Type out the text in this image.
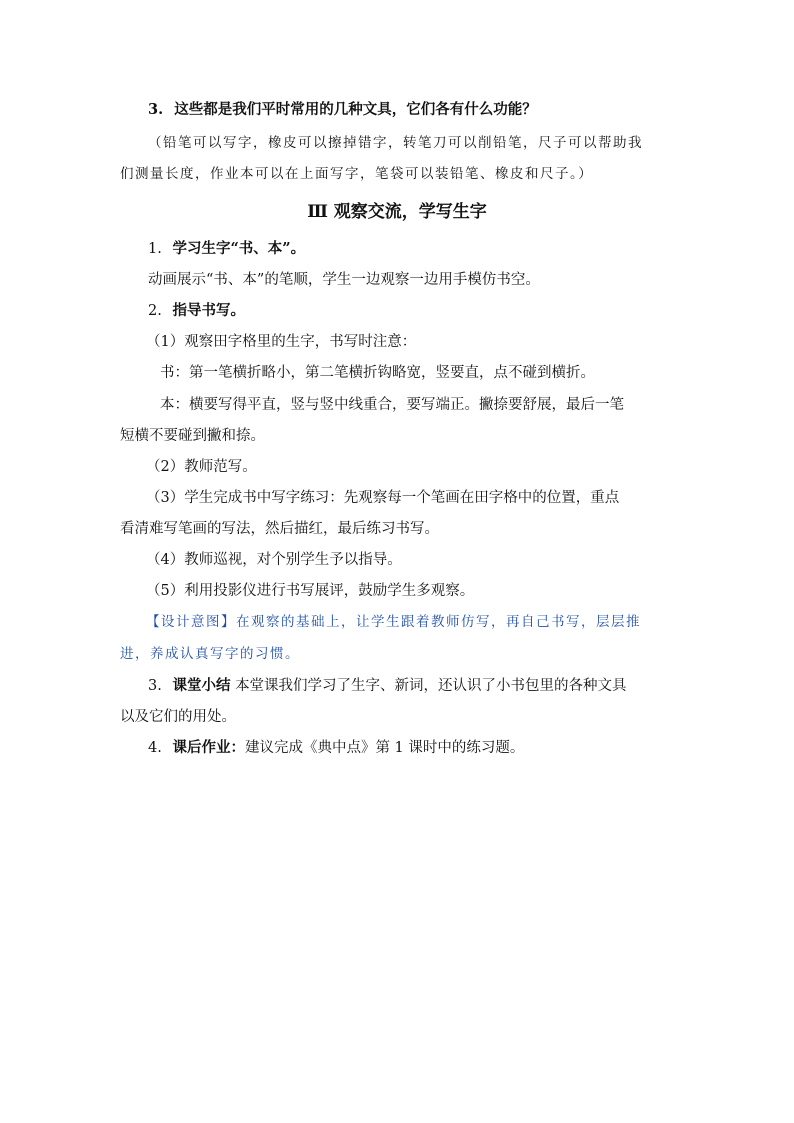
3. 这些都是我们平时常用的几种文具，它们各有什么功能？
（铅笔可以写字，橡皮可以擦掉错字，转笔刀可以削铅笔，尺子可以帮助我
们测量长度，作业本可以在上面写字，笔袋可以装铅笔、橡皮和尺子。）
Ⅲ 观察交流，学写生字
1. 学习生字“书、本”。
动画展示“书、本”的笔顺，学生一边观察一边用手模仿书空。
2. 指导书写。
（1）观察田字格里的生字，书写时注意：
书：第一笔横折略小，第二笔横折钩略宽，竖要直，点不碰到横折。
本：横要写得平直，竖与竖中线重合，要写端正。撇捺要舒展，最后一笔
短横不要碰到撇和捺。
（2）教师范写。
（3）学生完成书中写字练习：先观察每一个笔画在田字格中的位置，重点
看清难写笔画的写法，然后描红，最后练习书写。
（4）教师巡视，对个别学生予以指导。
（5）利用投影仪进行书写展评，鼓励学生多观察。
【设计意图】在观察的基础上，让学生跟着教师仿写，再自己书写，层层推
进，养成认真写字的习惯。
3. 课堂小结 本堂课我们学习了生字、新词，还认识了小书包里的各种文具
以及它们的用处。
4. 课后作业：建议完成《典中点》第 1 课时中的练习题。
